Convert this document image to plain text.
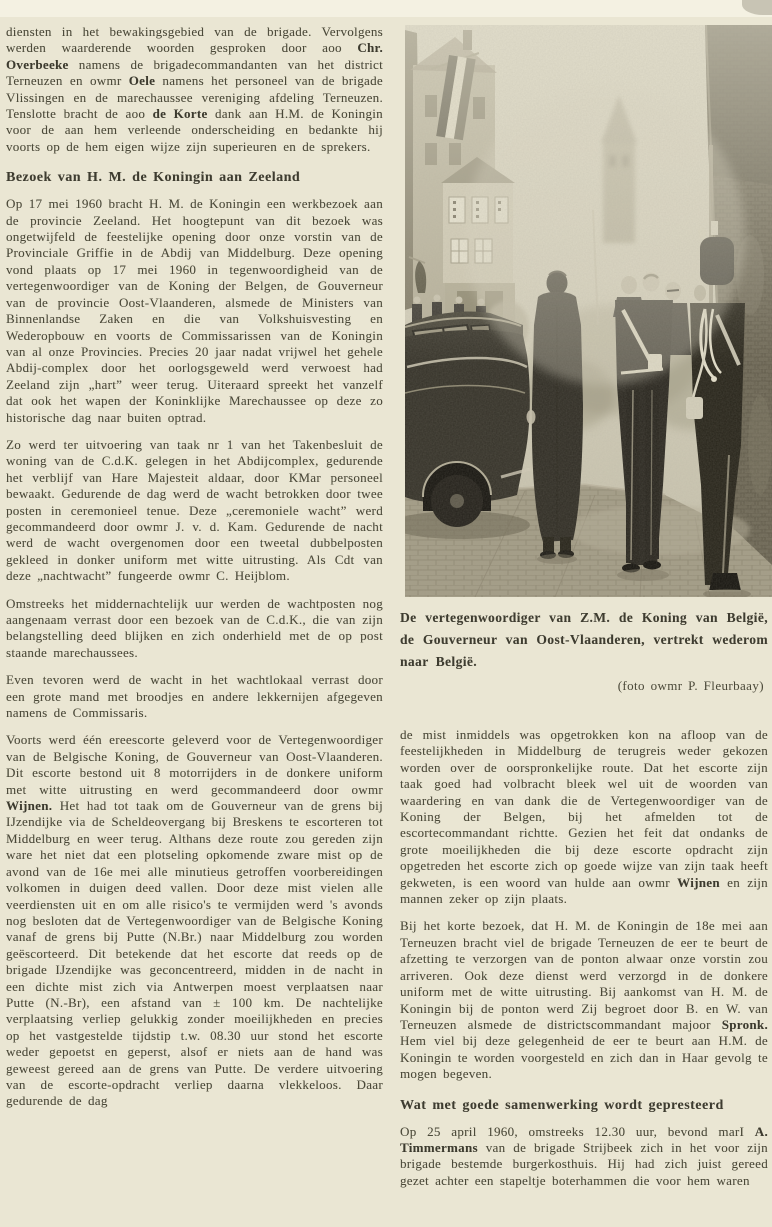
diensten in het bewakingsgebied van de brigade. Vervolgens werden waarderende woorden gesproken door aoo Chr. Overbeeke namens de brigadecommandanten van het district Terneuzen en owmr Oele namens het personeel van de brigade Vlissingen en de marechaussee vereniging afdeling Terneuzen. Tenslotte bracht de aoo de Korte dank aan H.M. de Koningin voor de aan hem verleende onderscheiding en bedankte hij voorts op de hem eigen wijze zijn superieuren en de sprekers.

Bezoek van H. M. de Koningin aan Zeeland

Op 17 mei 1960 bracht H. M. de Koningin een werkbezoek aan de provincie Zeeland. Het hoogtepunt van dit bezoek was ongetwijfeld de feestelijke opening door onze vorstin van de Provinciale Griffie in de Abdij van Middelburg. Deze opening vond plaats op 17 mei 1960 in tegenwoordigheid van de vertegenwoordiger van de Koning der Belgen, de Gouverneur van de provincie Oost-Vlaanderen, alsmede de Ministers van Binnenlandse Zaken en die van Volkshuisvesting en Wederopbouw en voorts de Commissarissen van de Koningin van al onze Provincies. Precies 20 jaar nadat vrijwel het gehele Abdij-complex door het oorlogsgeweld werd verwoest had Zeeland zijn „hart” weer terug. Uiteraard spreekt het vanzelf dat ook het wapen der Koninklijke Marechaussee op deze zo historische dag naar buiten optrad.

Zo werd ter uitvoering van taak nr 1 van het Takenbesluit de woning van de C.d.K. gelegen in het Abdijcomplex, gedurende het verblijf van Hare Majesteit aldaar, door KMar personeel bewaakt. Gedurende de dag werd de wacht betrokken door twee posten in ceremonieel tenue. Deze „ceremoniele wacht” werd gecommandeerd door owmr J. v. d. Kam. Gedurende de nacht werd de wacht overgenomen door een tweetal dubbelposten gekleed in donker uniform met witte uitrusting. Als Cdt van deze „nachtwacht” fungeerde owmr C. Heijblom.

Omstreeks het middernachtelijk uur werden de wachtposten nog aangenaam verrast door een bezoek van de C.d.K., die van zijn belangstelling deed blijken en zich onderhield met de op post staande marechaussees.

Even tevoren werd de wacht in het wachtlokaal verrast door een grote mand met broodjes en andere lekkernijen afgegeven namens de Commissaris.

Voorts werd één ereescorte geleverd voor de Vertegenwoordiger van de Belgische Koning, de Gouverneur van Oost-Vlaanderen. Dit escorte bestond uit 8 motorrijders in de donkere uniform met witte uitrusting en werd gecommandeerd door owmr Wijnen. Het had tot taak om de Gouverneur van de grens bij IJzendijke via de Scheldeovergang bij Breskens te escorteren tot Middelburg en weer terug. Althans deze route zou gereden zijn ware het niet dat een plotseling opkomende zware mist op de avond van de 16e mei alle minutieus getroffen voorbereidingen volkomen in duigen deed vallen. Door deze mist vielen alle veerdiensten uit en om alle risico's te vermijden werd 's avonds nog besloten dat de Vertegenwoordiger van de Belgische Koning vanaf de grens bij Putte (N.Br.) naar Middelburg zou worden geëscorteerd. Dit betekende dat het escorte dat reeds op de brigade IJzendijke was geconcentreerd, midden in de nacht in een dichte mist zich via Antwerpen moest verplaatsen naar Putte (N.-Br), een afstand van ± 100 km. De nachtelijke verplaatsing verliep gelukkig zonder moeilijkheden en precies op het vastgestelde tijdstip t.w. 08.30 uur stond het escorte weder gepoetst en geperst, alsof er niets aan de hand was geweest gereed aan de grens van Putte. De verdere uitvoering van de escorte-opdracht verliep daarna vlekkeloos. Daar gedurende de dag

De vertegenwoordiger van Z.M. de Koning van België, de Gouverneur van Oost-Vlaanderen, vertrekt wederom naar België.

(foto owmr P. Fleurbaay)

de mist inmiddels was opgetrokken kon na afloop van de feestelijkheden in Middelburg de terugreis weder gekozen worden over de oorspronkelijke route. Dat het escorte zijn taak goed had volbracht bleek wel uit de woorden van waardering en van dank die de Vertegenwoordiger van de Koning der Belgen, bij het afmelden tot de escortecommandant richtte. Gezien het feit dat ondanks de grote moeilijkheden die bij deze escorte opdracht zijn opgetreden het escorte zich op goede wijze van zijn taak heeft gekweten, is een woord van hulde aan owmr Wijnen en zijn mannen zeker op zijn plaats.

Bij het korte bezoek, dat H. M. de Koningin de 18e mei aan Terneuzen bracht viel de brigade Terneuzen de eer te beurt de afzetting te verzorgen van de ponton alwaar onze vorstin zou arriveren. Ook deze dienst werd verzorgd in de donkere uniform met de witte uitrusting. Bij aankomst van H. M. de Koningin bij de ponton werd Zij begroet door B. en W. van Terneuzen alsmede de districtscommandant majoor Spronk. Hem viel bij deze gelegenheid de eer te beurt aan H.M. de Koningin te worden voorgesteld en zich dan in Haar gevolg te mogen begeven.

Wat met goede samenwerking wordt gepresteerd

Op 25 april 1960, omstreeks 12.30 uur, bevond marI A. Timmermans van de brigade Strijbeek zich in het voor zijn brigade bestemde burgerkosthuis. Hij had zich juist gereed gezet achter een stapeltje boterhammen die voor hem waren
